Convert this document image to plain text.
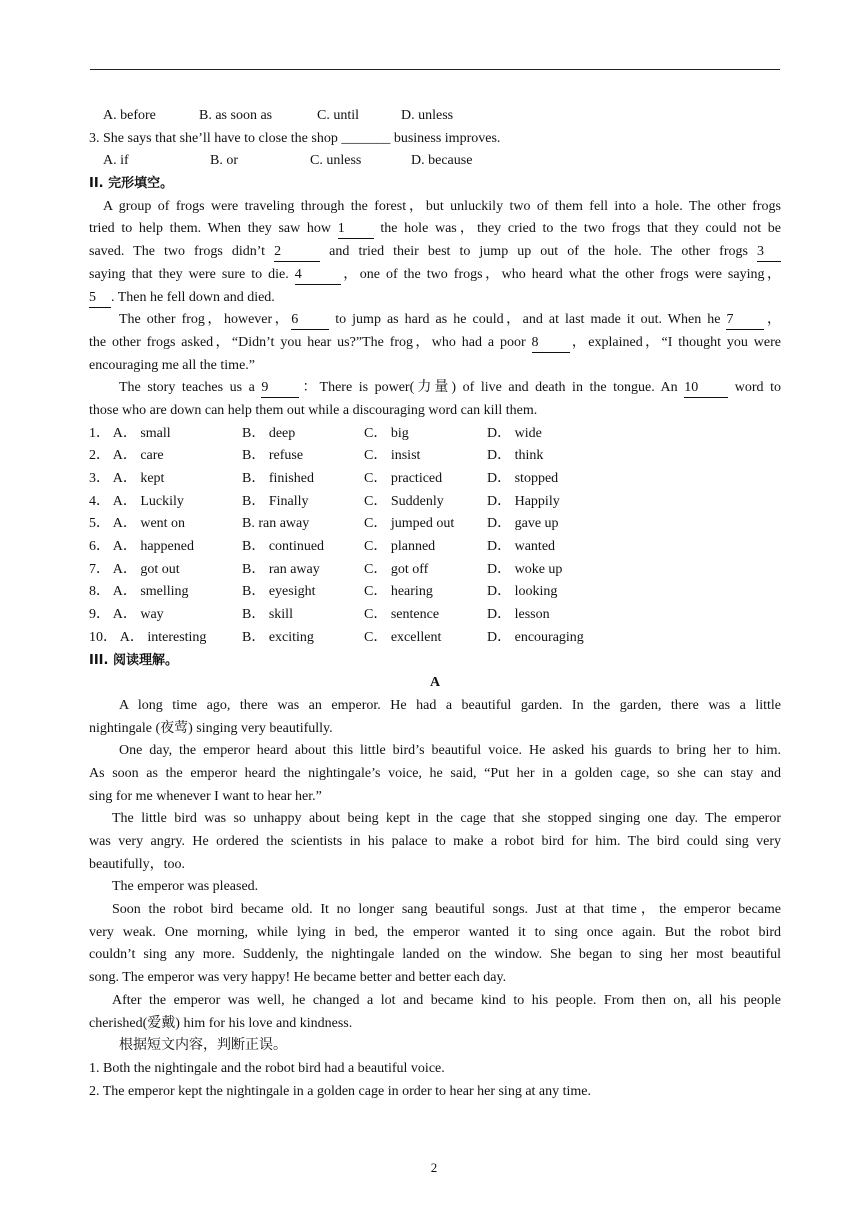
A. before	B. as soon as	C. until	D. unless
3. She says that she’ll have to close the shop _______ business improves.
A. if	B. or	C. unless	D. because
II. 完形填空。
A group of frogs were traveling through the forest，but unluckily two of them fell into a hole. The other frogs
tried to help them. When they saw how 1 the hole was，they cried to the two frogs that they could not be
saved. The two frogs didn’t 2	and tried their best to jump up out of the hole. The other frogs 3
saying that they were sure to die. 4	，one of the two frogs，who heard what the other frogs were saying，
5 . Then he fell down and died.
The other frog，however，6 to jump as hard as he could，and at last made it out. When he 7 ，
the other frogs asked，“Didn’t you hear us?”The frog，who had a poor 8 ，explained，“I thought you were
encouraging me all the time.”
The story teaches us a 9 ：There is power(力量) of live and death in the tongue. An 10 word to
those who are down can help them out while a discouraging word can kill them.
1． A． small	B． deep	C． big	D． wide
2． A． care	B． refuse	C． insist	D． think
3． A． kept	B． finished	C． practiced	D． stopped
4． A． Luckily	B． Finally	C． Suddenly	D． Happily
5． A． went on	B. ran away	C． jumped out	D． gave up
6． A． happened	B． continued	C． planned	D． wanted
7． A． got out	B． ran away	C． got off	D． woke up
8． A． smelling	B． eyesight	C． hearing	D． looking
9． A． way	B． skill	C． sentence	D． lesson
10． A． interesting	B． exciting	C． excellent	D． encouraging
III. 阅读理解。
A
A long time ago, there was an emperor. He had a beautiful garden. In the garden, there was a little
nightingale (夜莺) singing very beautifully.
One day, the emperor heard about this little bird’s beautiful voice. He asked his guards to bring her to him.
As soon as the emperor heard the nightingale’s voice, he said, “Put her in a golden cage, so she can stay and
sing for me whenever I want to hear her.”
The little bird was so unhappy about being kept in the cage that she stopped singing one day. The emperor
was very angry. He ordered the scientists in his palace to make a robot bird for him. The bird could sing very
beautifully，too.
The emperor was pleased.
Soon the robot bird became old. It no longer sang beautiful songs. Just at that time，the emperor became
very weak. One morning, while lying in bed, the emperor wanted it to sing once again. But the robot bird
couldn’t sing any more. Suddenly, the nightingale landed on the window. She began to sing her most beautiful
song. The emperor was very happy! He became better and better each day.
After the emperor was well, he changed a lot and became kind to his people. From then on, all his people
cherished(爱戴) him for his love and kindness.
根据短文内容，判断正误。
1. Both the nightingale and the robot bird had a beautiful voice.
2. The emperor kept the nightingale in a golden cage in order to hear her sing at any time.
2
